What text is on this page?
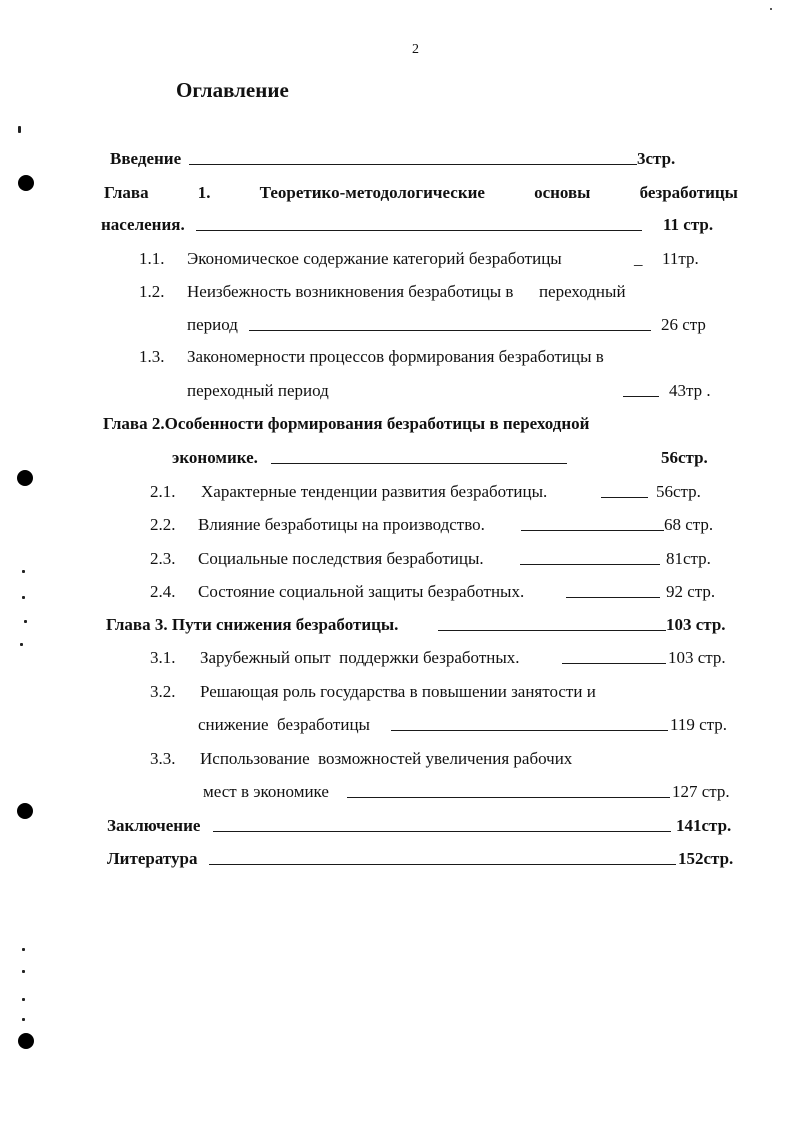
2
Оглавление
Введение	3стр.
Глава	1.	Теоретико-методологические	основы	безработицы
населения.	11 стр.
1.1. Экономическое содержание категорий безработицы	_ 11тр.
1.2. Неизбежность возникновения безработицы в      переходный
период	26 стр
1.3. Закономерности процессов формирования безработицы в
переходный период	43тр .
Глава 2.Особенности формирования безработицы в переходной
экономике.	56стр.
2.1. Характерные тенденции развития безработицы.	56стр.
2.2. Влияние безработицы на производство.	68 стр.
2.3. Социальные последствия безработицы.	81стр.
2.4. Состояние социальной защиты безработных.	92 стр.
Глава 3. Пути снижения безработицы.	103 стр.
3.1. Зарубежный опыт  поддержки безработных.	103 стр.
3.2. Решающая роль государства в повышении занятости и
снижение  безработицы	119 стр.
3.3. Использование  возможностей увеличения рабочих
мест в экономике	127 стр.
Заключение	141стр.
Литература	152стр.
